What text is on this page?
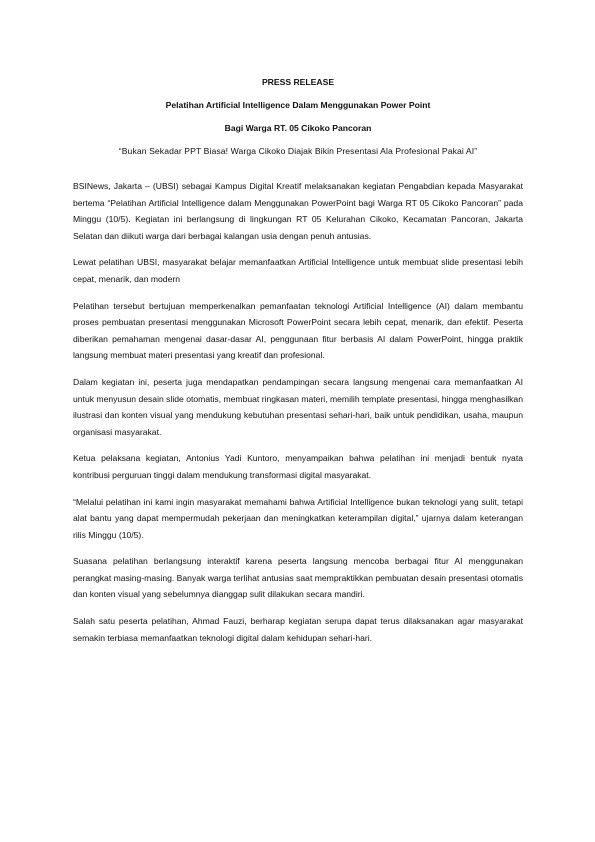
PRESS RELEASE

Pelatihan Artificial Intelligence Dalam Menggunakan Power Point

Bagi Warga RT. 05 Cikoko Pancoran

“Bukan Sekadar PPT Biasa! Warga Cikoko Diajak Bikin Presentasi Ala Profesional Pakai AI”

BSINews, Jakarta – (UBSI) sebagai Kampus Digital Kreatif melaksanakan kegiatan Pengabdian kepada Masyarakat bertema “Pelatihan Artificial Intelligence dalam Menggunakan PowerPoint bagi Warga RT 05 Cikoko Pancoran” pada Minggu (10/5). Kegiatan ini berlangsung di lingkungan RT 05 Kelurahan Cikoko, Kecamatan Pancoran, Jakarta Selatan dan diikuti warga dari berbagai kalangan usia dengan penuh antusias.

Lewat pelatihan UBSI, masyarakat belajar memanfaatkan Artificial Intelligence untuk membuat slide presentasi lebih cepat, menarik, dan modern

Pelatihan tersebut bertujuan memperkenalkan pemanfaatan teknologi Artificial Intelligence (AI) dalam membantu proses pembuatan presentasi menggunakan Microsoft PowerPoint secara lebih cepat, menarik, dan efektif. Peserta diberikan pemahaman mengenai dasar-dasar AI, penggunaan fitur berbasis AI dalam PowerPoint, hingga praktik langsung membuat materi presentasi yang kreatif dan profesional.

Dalam kegiatan ini, peserta juga mendapatkan pendampingan secara langsung mengenai cara memanfaatkan AI untuk menyusun desain slide otomatis, membuat ringkasan materi, memilih template presentasi, hingga menghasilkan ilustrasi dan konten visual yang mendukung kebutuhan presentasi sehari-hari, baik untuk pendidikan, usaha, maupun organisasi masyarakat.

Ketua pelaksana kegiatan, Antonius Yadi Kuntoro, menyampaikan bahwa pelatihan ini menjadi bentuk nyata kontribusi perguruan tinggi dalam mendukung transformasi digital masyarakat.

“Melalui pelatihan ini kami ingin masyarakat memahami bahwa Artificial Intelligence bukan teknologi yang sulit, tetapi alat bantu yang dapat mempermudah pekerjaan dan meningkatkan keterampilan digital,” ujarnya dalam keterangan rilis Minggu (10/5).

Suasana pelatihan berlangsung interaktif karena peserta langsung mencoba berbagai fitur AI menggunakan perangkat masing-masing. Banyak warga terlihat antusias saat mempraktikkan pembuatan desain presentasi otomatis dan konten visual yang sebelumnya dianggap sulit dilakukan secara mandiri.

Salah satu peserta pelatihan, Ahmad Fauzi, berharap kegiatan serupa dapat terus dilaksanakan agar masyarakat semakin terbiasa memanfaatkan teknologi digital dalam kehidupan sehari-hari.
